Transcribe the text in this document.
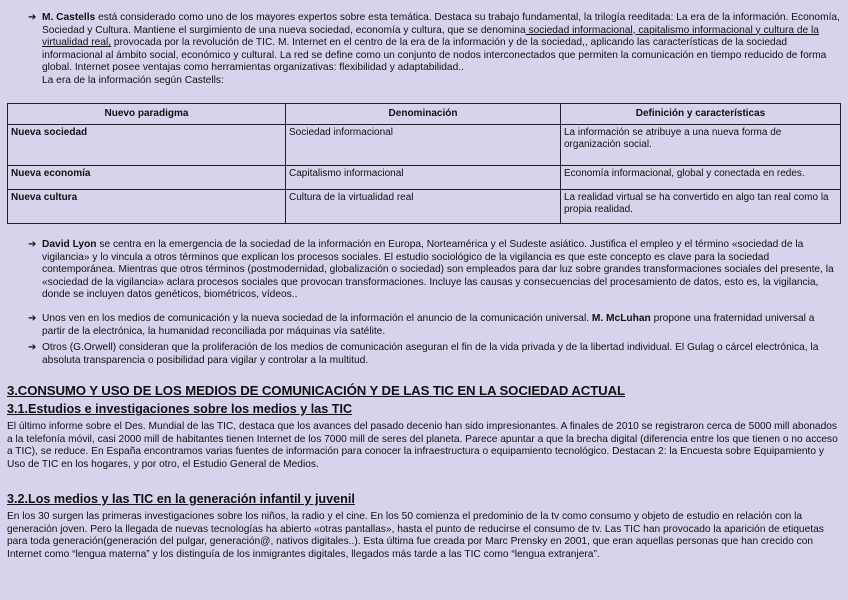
➔ M. Castells está considerado como uno de los mayores expertos sobre esta temática. Destaca su trabajo fundamental, la trilogía reeditada: La era de la información. Economía, Sociedad y Cultura. Mantiene el surgimiento de una nueva sociedad, economía y cultura, que se denomina sociedad informacional, capitalismo informacional y cultura de la virtualidad real, provocada por la revolución de TIC. M. Internet en el centro de la era de la información y de la sociedad,, aplicando las características de la sociedad informacional al ámbito social, económico y cultural. La red se define como un conjunto de nodos interconectados que permiten la comunicación en tiempo reducido de forma global. Internet posee ventajas como herramientas organizativas: flexibilidad y adaptabilidad..
La era de la información según Castells:
Nuevo paradigma	Denominación	Definición y características
Nueva sociedad	Sociedad informacional	La información se atribuye a una nueva forma de organización social.
Nueva economía	Capitalismo informacional	Economía informacional, global y conectada en redes.
Nueva cultura	Cultura de la virtualidad real	La realidad virtual se ha convertido en algo tan real como la propia realidad.
➔ David Lyon se centra en la emergencia de la sociedad de la información en Europa, Norteamérica y el Sudeste asiático. Justifica el empleo y el término «sociedad de la vigilancia» y lo vincula a otros términos que explican los procesos sociales. El estudio sociológico de la vigilancia es que este concepto es clave para la sociedad contemporánea. Mientras que otros términos (postmodernidad, globalización o sociedad) son empleados para dar luz sobre grandes transformaciones sociales del presente, la «sociedad de la vigilancia» aclara procesos sociales que provocan transformaciones. Incluye las causas y consecuencias del procesamiento de datos, esto es, la vigilancia, donde se incluyen datos genéticos, biométricos, vídeos..
➔ Unos ven en los medios de comunicación y la nueva sociedad de la información el anuncio de la comunicación universal. M. McLuhan propone una fraternidad universal a partir de la electrónica, la humanidad reconciliada por máquinas vía satélite.
➔ Otros (G.Orwell) consideran que la proliferación de los medios de comunicación aseguran el fin de la vida privada y de la libertad individual. El Gulag o cárcel electrónica, la absoluta transparencia o posibilidad para vigilar y controlar a la multitud.
3.CONSUMO Y USO DE LOS MEDIOS DE COMUNICACIÓN Y DE LAS TIC EN LA SOCIEDAD ACTUAL
3.1.Estudios e investigaciones sobre los medios y las TIC
El último informe sobre el Des. Mundial de las TIC, destaca que los avances del pasado decenio han sido impresionantes. A finales de 2010 se registraron cerca de 5000 mill abonados a la telefonía móvil, casi 2000 mill de habitantes tienen Internet de los 7000 mill de seres del planeta. Parece apuntar a que la brecha digital (diferencia entre los que tienen o no acceso a TIC), se reduce. En España encontramos varias fuentes de información para conocer la infraestructura o equipamiento tecnológico. Destacan 2: la Encuesta sobre Equipamiento y Uso de TIC en los hogares, y por otro, el Estudio General de Medios.
3.2.Los medios y las TIC en la generación infantil y juvenil
En los 30 surgen las primeras investigaciones sobre los niños, la radio y el cine. En los 50 comienza el predominio de la tv como consumo y objeto de estudio en relación con la generación joven. Pero la llegada de nuevas tecnologías ha abierto «otras pantallas», hasta el punto de reducirse el consumo de tv. Las TIC han provocado la aparición de etiquetas para toda generación(generación del pulgar, generación@, nativos digitales..). Esta última fue creada por Marc Prensky en 2001, que eran aquellas personas que han crecido con Internet como “lengua materna” y los distinguía de los inmigrantes digitales, llegados más tarde a las TIC como “lengua extranjera”.
